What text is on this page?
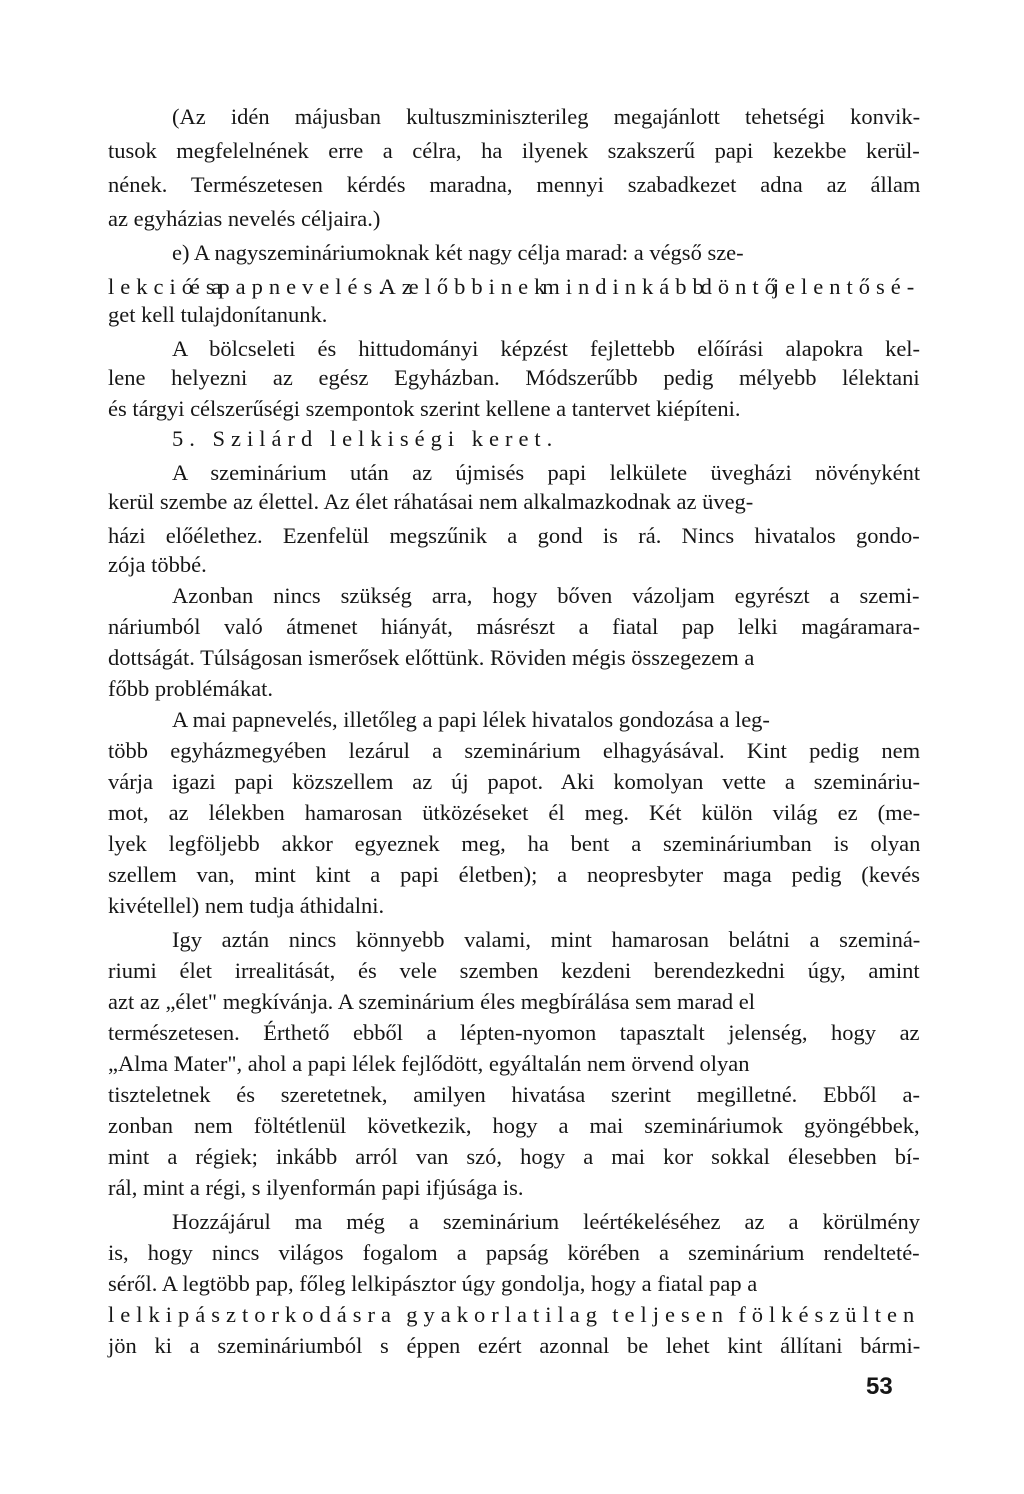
(Az idén májusban kultuszminiszterileg megajánlott tehetségi konvik-
tusok megfelelnének erre a célra, ha ilyenek szakszerű papi kezekbe kerül-
nének. Természetesen kérdés maradna, mennyi szabadkezet adna az állam
az egyházias nevelés céljaira.)
e) A nagyszemináriumoknak két nagy célja marad: a végső sze-
lekció és a papnevelés. Az előbbinek mindinkább döntő jelentősé-
get kell tulajdonítanunk.
A bölcseleti és hittudományi képzést fejlettebb előírási alapokra kel-
lene helyezni az egész Egyházban. Módszerűbb pedig mélyebb lélektani
és tárgyi célszerűségi szempontok szerint kellene a tantervet kiépíteni.
5. Szilárd lelkiségi keret.
A szeminárium után az újmisés papi lelkülete üvegházi növényként
kerül szembe az élettel. Az élet ráhatásai nem alkalmazkodnak az üveg-
házi előélethez. Ezenfelül megszűnik a gond is rá. Nincs hivatalos gondo-
zója többé.
Azonban nincs szükség arra, hogy bőven vázoljam egyrészt a szemi-
náriumból való átmenet hiányát, másrészt a fiatal pap lelki magáramara-
dottságát. Túlságosan ismerősek előttünk. Röviden mégis összegezem a
főbb problémákat.
A mai papnevelés, illetőleg a papi lélek hivatalos gondozása a leg-
több egyházmegyében lezárul a szeminárium elhagyásával. Kint pedig nem
várja igazi papi közszellem az új papot. Aki komolyan vette a szemináriu-
mot, az lélekben hamarosan ütközéseket él meg. Két külön világ ez (me-
lyek legföljebb akkor egyeznek meg, ha bent a szemináriumban is olyan
szellem van, mint kint a papi életben); a neopresbyter maga pedig (kevés
kivétellel) nem tudja áthidalni.
Igy aztán nincs könnyebb valami, mint hamarosan belátni a szeminá-
riumi élet irrealitását, és vele szemben kezdeni berendezkedni úgy, amint
azt az „élet" megkívánja. A szeminárium éles megbírálása sem marad el
természetesen. Érthető ebből a lépten-nyomon tapasztalt jelenség, hogy az
„Alma Mater", ahol a papi lélek fejlődött, egyáltalán nem örvend olyan
tiszteletnek és szeretetnek, amilyen hivatása szerint megilletné. Ebből a-
zonban nem föltétlenül következik, hogy a mai szemináriumok gyöngébbek,
mint a régiek; inkább arról van szó, hogy a mai kor sokkal élesebben bí-
rál, mint a régi, s ilyenformán papi ifjúsága is.
Hozzájárul ma még a szeminárium leértékeléséhez az a körülmény
is, hogy nincs világos fogalom a papság körében a szeminárium rendelteté-
séről. A legtöbb pap, főleg lelkipásztor úgy gondolja, hogy a fiatal pap a
lelkipásztorkodásra gyakorlatilag teljesen fölkészülten
jön ki a szemináriumból s éppen ezért azonnal be lehet kint állítani bármi-
53
